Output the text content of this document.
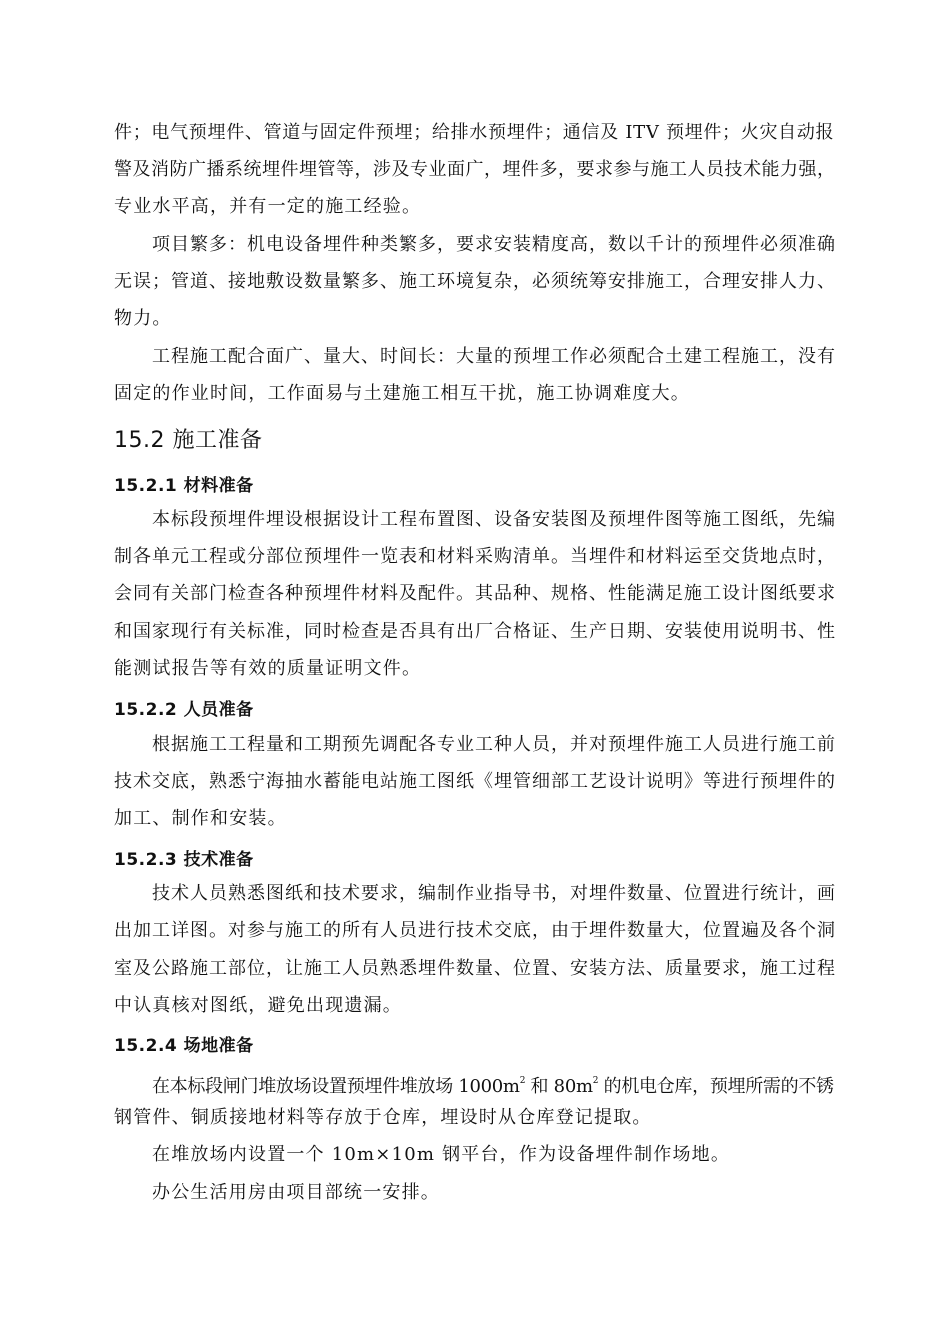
件；电气预埋件、管道与固定件预埋；给排水预埋件；通信及 ITV 预埋件；火灾自动报
警及消防广播系统埋件埋管等，涉及专业面广，埋件多，要求参与施工人员技术能力强，
专业水平高，并有一定的施工经验。
项目繁多：机电设备埋件种类繁多，要求安装精度高，数以千计的预埋件必须准确
无误；管道、接地敷设数量繁多、施工环境复杂，必须统筹安排施工，合理安排人力、
物力。
工程施工配合面广、量大、时间长：大量的预埋工作必须配合土建工程施工，没有
固定的作业时间，工作面易与土建施工相互干扰，施工协调难度大。
15.2 施工准备
15.2.1 材料准备
本标段预埋件埋设根据设计工程布置图、设备安装图及预埋件图等施工图纸，先编
制各单元工程或分部位预埋件一览表和材料采购清单。当埋件和材料运至交货地点时，
会同有关部门检查各种预埋件材料及配件。其品种、规格、性能满足施工设计图纸要求
和国家现行有关标准，同时检查是否具有出厂合格证、生产日期、安装使用说明书、性
能测试报告等有效的质量证明文件。
15.2.2 人员准备
根据施工工程量和工期预先调配各专业工种人员，并对预埋件施工人员进行施工前
技术交底，熟悉宁海抽水蓄能电站施工图纸《埋管细部工艺设计说明》等进行预埋件的
加工、制作和安装。
15.2.3 技术准备
技术人员熟悉图纸和技术要求，编制作业指导书，对埋件数量、位置进行统计，画
出加工详图。对参与施工的所有人员进行技术交底，由于埋件数量大，位置遍及各个洞
室及公路施工部位，让施工人员熟悉埋件数量、位置、安装方法、质量要求，施工过程
中认真核对图纸，避免出现遗漏。
15.2.4 场地准备
在本标段闸门堆放场设置预埋件堆放场 $1000m^2$ 和 $80m^2$ 的机电仓库，预埋所需的不锈
钢管件、铜质接地材料等存放于仓库，埋设时从仓库登记提取。
在堆放场内设置一个 10m×10m 钢平台，作为设备埋件制作场地。
办公生活用房由项目部统一安排。
